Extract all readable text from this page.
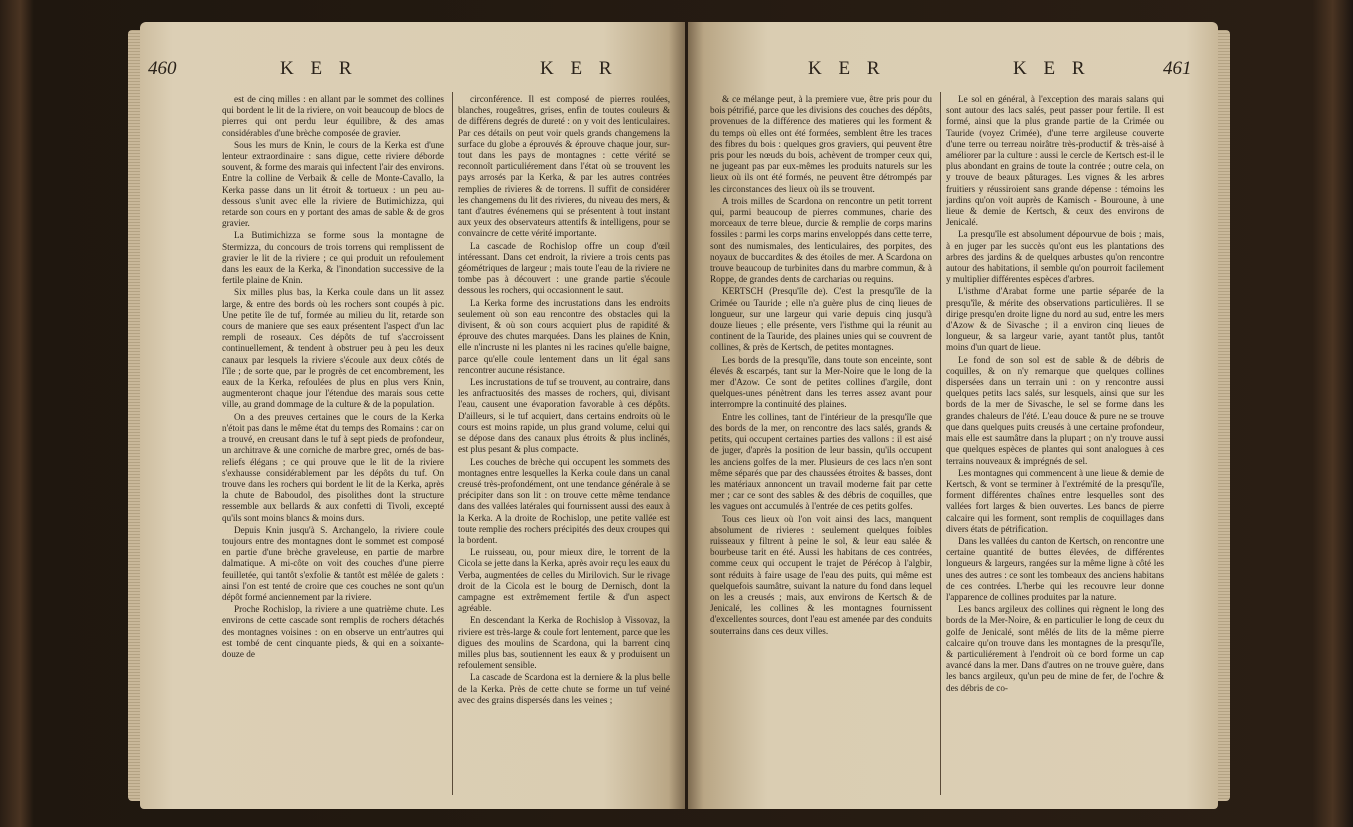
460	K E R	K E R

est de cinq milles : en allant par le sommet des collines qui bordent le lit de la riviere, on voit beaucoup de blocs de pierres qui ont perdu leur équilibre, & des amas considérables d'une brèche composée de gravier.

Sous les murs de Knin, le cours de la Kerka est d'une lenteur extraordinaire : sans digue, cette riviere déborde souvent, & forme des marais qui infectent l'air des environs. Entre la colline de Verbaik & celle de Monte-Cavallo, la Kerka passe dans un lit étroit & tortueux : un peu au-dessous s'unit avec elle la riviere de Butimichizza, qui retarde son cours en y portant des amas de sable & de gros gravier.

La Butimichizza se forme sous la montagne de Stermizza, du concours de trois torrens qui remplissent de gravier le lit de la riviere ; ce qui produit un refoulement dans les eaux de la Kerka, & l'inondation successive de la fertile plaine de Knin.

Six milles plus bas, la Kerka coule dans un lit assez large, & entre des bords où les rochers sont coupés à pic. Une petite île de tuf, formée au milieu du lit, retarde son cours de maniere que ses eaux présentent l'aspect d'un lac rempli de roseaux. Ces dépôts de tuf s'accroissent continuellement, & tendent à obstruer peu à peu les deux canaux par lesquels la riviere s'écoule aux deux côtés de l'île ; de sorte que, par le progrès de cet encombrement, les eaux de la Kerka, refoulées de plus en plus vers Knin, augmenteront chaque jour l'étendue des marais sous cette ville, au grand dommage de la culture & de la population.

On a des preuves certaines que le cours de la Kerka n'étoit pas dans le même état du temps des Romains : car on a trouvé, en creusant dans le tuf à sept pieds de profondeur, un architrave & une corniche de marbre grec, ornés de bas-reliefs élégans ; ce qui prouve que le lit de la riviere s'exhausse considérablement par les dépôts du tuf. On trouve dans les rochers qui bordent le lit de la Kerka, après la chute de Baboudol, des pisolithes dont la structure ressemble aux bellards & aux confetti di Tivoli, excepté qu'ils sont moins blancs & moins durs.

Depuis Knin jusqu'à S. Archangelo, la riviere coule toujours entre des montagnes dont le sommet est composé en partie d'une brèche graveleuse, en partie de marbre dalmatique. A mi-côte on voit des couches d'une pierre feuilletée, qui tantôt s'exfolie & tantôt est mêlée de galets : ainsi l'on est tenté de croire que ces couches ne sont qu'un dépôt formé anciennement par la riviere.

Proche Rochislop, la riviere a une quatrième chute. Les environs de cette cascade sont remplis de rochers détachés des montagnes voisines : on en observe un entr'autres qui est tombé de cent cinquante pieds, & qui en a soixante-douze de

circonférence. Il est composé de pierres roulées, blanches, rougeâtres, grises, enfin de toutes couleurs & de différens degrés de dureté : on y voit des lenticulaires. Par ces détails on peut voir quels grands changemens la surface du globe a éprouvés & éprouve chaque jour, sur-tout dans les pays de montagnes : cette vérité se reconnoît particuliérement dans l'état où se trouvent les pays arrosés par la Kerka, & par les autres contrées remplies de rivieres & de torrens. Il suffit de considérer les changemens du lit des rivieres, du niveau des mers, & tant d'autres événemens qui se présentent à tout instant aux yeux des observateurs attentifs & intelligens, pour se convaincre de cette vérité importante.

La cascade de Rochislop offre un coup d'œil intéressant. Dans cet endroit, la riviere a trois cents pas géométriques de largeur ; mais toute l'eau de la riviere ne tombe pas à découvert : une grande partie s'écoule dessous les rochers, qui occasionnent le saut.

La Kerka forme des incrustations dans les endroits seulement où son eau rencontre des obstacles qui la divisent, & où son cours acquiert plus de rapidité & éprouve des chutes marquées. Dans les plaines de Knin, elle n'incruste ni les plantes ni les racines qu'elle baigne, parce qu'elle coule lentement dans un lit égal sans rencontrer aucune résistance.

Les incrustations de tuf se trouvent, au contraire, dans les anfractuosités des masses de rochers, qui, divisant l'eau, causent une évaporation favorable à ces dépôts. D'ailleurs, si le tuf acquiert, dans certains endroits où le cours est moins rapide, un plus grand volume, celui qui se dépose dans des canaux plus étroits & plus inclinés, est plus pesant & plus compacte.

Les couches de brèche qui occupent les sommets des montagnes entre lesquelles la Kerka coule dans un canal creusé très-profondément, ont une tendance générale à se précipiter dans son lit : on trouve cette même tendance dans des vallées latérales qui fournissent aussi des eaux à la Kerka. A la droite de Rochislop, une petite vallée est toute remplie des rochers précipités des deux croupes qui la bordent.

Le ruisseau, ou, pour mieux dire, le torrent de la Cicola se jette dans la Kerka, après avoir reçu les eaux du Verba, augmentées de celles du Mirilovich. Sur le rivage droit de la Cicola est le bourg de Dernisch, dont la campagne est extrêmement fertile & d'un aspect agréable.

En descendant la Kerka de Rochislop à Vissovaz, la riviere est très-large & coule fort lentement, parce que les digues des moulins de Scardona, qui la barrent cinq milles plus bas, soutiennent les eaux & y produisent un refoulement sensible.

La cascade de Scardona est la derniere & la plus belle de la Kerka. Près de cette chute se forme un tuf veiné avec des grains dispersés dans les veines ;

K E R	K E R	461

& ce mélange peut, à la premiere vue, être pris pour du bois pétrifié, parce que les divisions des couches des dépôts, provenues de la différence des matieres qui les forment & du temps où elles ont été formées, semblent être les traces des fibres du bois : quelques gros graviers, qui peuvent être pris pour les nœuds du bois, achèvent de tromper ceux qui, ne jugeant pas par eux-mêmes les produits naturels sur les lieux où ils ont été formés, ne peuvent être détrompés par les circonstances des lieux où ils se trouvent.

A trois milles de Scardona on rencontre un petit torrent qui, parmi beaucoup de pierres communes, charie des morceaux de terre bleue, durcie & remplie de corps marins fossiles : parmi les corps marins enveloppés dans cette terre, sont des numismales, des lenticulaires, des porpites, des noyaux de buccardites & des étoiles de mer. A Scardona on trouve beaucoup de turbinites dans du marbre commun, & à Roppe, de grandes dents de carcharias ou requins.

KERTSCH (Presqu'île de). C'est la presqu'île de la Crimée ou Tauride ; elle n'a guère plus de cinq lieues de longueur, sur une largeur qui varie depuis cinq jusqu'à douze lieues ; elle présente, vers l'isthme qui la réunit au continent de la Tauride, des plaines unies qui se couvrent de collines, & près de Kertsch, de petites montagnes.

Les bords de la presqu'île, dans toute son enceinte, sont élevés & escarpés, tant sur la Mer-Noire que le long de la mer d'Azow. Ce sont de petites collines d'argile, dont quelques-unes pénètrent dans les terres assez avant pour interrompre la continuité des plaines.

Entre les collines, tant de l'intérieur de la presqu'île que des bords de la mer, on rencontre des lacs salés, grands & petits, qui occupent certaines parties des vallons : il est aisé de juger, d'après la position de leur bassin, qu'ils occupent les anciens golfes de la mer. Plusieurs de ces lacs n'en sont même séparés que par des chaussées étroites & basses, dont les matériaux annoncent un travail moderne fait par cette mer ; car ce sont des sables & des débris de coquilles, que les vagues ont accumulés à l'entrée de ces petits golfes.

Tous ces lieux où l'on voit ainsi des lacs, manquent absolument de rivieres : seulement quelques foibles ruisseaux y filtrent à peine le sol, & leur eau salée & bourbeuse tarit en été. Aussi les habitans de ces contrées, comme ceux qui occupent le trajet de Pérécop à l'algbir, sont réduits à faire usage de l'eau des puits, qui même est quelquefois saumâtre, suivant la nature du fond dans lequel on les a creusés ; mais, aux environs de Kertsch & de Jenicalé, les collines & les montagnes fournissent d'excellentes sources, dont l'eau est amenée par des conduits souterrains dans ces deux villes.

Le sol en général, à l'exception des marais salans qui sont autour des lacs salés, peut passer pour fertile. Il est formé, ainsi que la plus grande partie de la Crimée ou Tauride (voyez Crimée), d'une terre argileuse couverte d'une terre ou terreau noirâtre très-productif & très-aisé à améliorer par la culture : aussi le cercle de Kertsch est-il le plus abondant en grains de toute la contrée ; outre cela, on y trouve de beaux pâturages. Les vignes & les arbres fruitiers y réussiroient sans grande dépense : témoins les jardins qu'on voit auprès de Kamisch - Bouroune, à une lieue & demie de Kertsch, & ceux des environs de Jenicalé.

La presqu'île est absolument dépourvue de bois ; mais, à en juger par les succès qu'ont eus les plantations des arbres des jardins & de quelques arbustes qu'on rencontre autour des habitations, il semble qu'on pourroit facilement y multiplier différentes espèces d'arbres.

L'isthme d'Arabat forme une partie séparée de la presqu'île, & mérite des observations particulières. Il se dirige presqu'en droite ligne du nord au sud, entre les mers d'Azow & de Sivasche ; il a environ cinq lieues de longueur, & sa largeur varie, ayant tantôt plus, tantôt moins d'un quart de lieue.

Le fond de son sol est de sable & de débris de coquilles, & on n'y remarque que quelques collines dispersées dans un terrain uni : on y rencontre aussi quelques petits lacs salés, sur lesquels, ainsi que sur les bords de la mer de Sivasche, le sel se forme dans les grandes chaleurs de l'été. L'eau douce & pure ne se trouve que dans quelques puits creusés à une certaine profondeur, mais elle est saumâtre dans la plupart ; on n'y trouve aussi que quelques espèces de plantes qui sont analogues à ces terrains nouveaux & imprégnés de sel.

Les montagnes qui commencent à une lieue & demie de Kertsch, & vont se terminer à l'extrémité de la presqu'île, forment différentes chaînes entre lesquelles sont des vallées fort larges & bien ouvertes. Les bancs de pierre calcaire qui les forment, sont remplis de coquillages dans divers états de pétrification.

Dans les vallées du canton de Kertsch, on rencontre une certaine quantité de buttes élevées, de différentes longueurs & largeurs, rangées sur la même ligne à côté les unes des autres : ce sont les tombeaux des anciens habitans de ces contrées. L'herbe qui les recouvre leur donne l'apparence de collines produites par la nature.

Les bancs argileux des collines qui règnent le long des bords de la Mer-Noire, & en particulier le long de ceux du golfe de Jenicalé, sont mêlés de lits de la même pierre calcaire qu'on trouve dans les montagnes de la presqu'île, & particuliérement à l'endroit où ce bord forme un cap avancé dans la mer. Dans d'autres on ne trouve guère, dans les bancs argileux, qu'un peu de mine de fer, de l'ochre & des débris de co-
